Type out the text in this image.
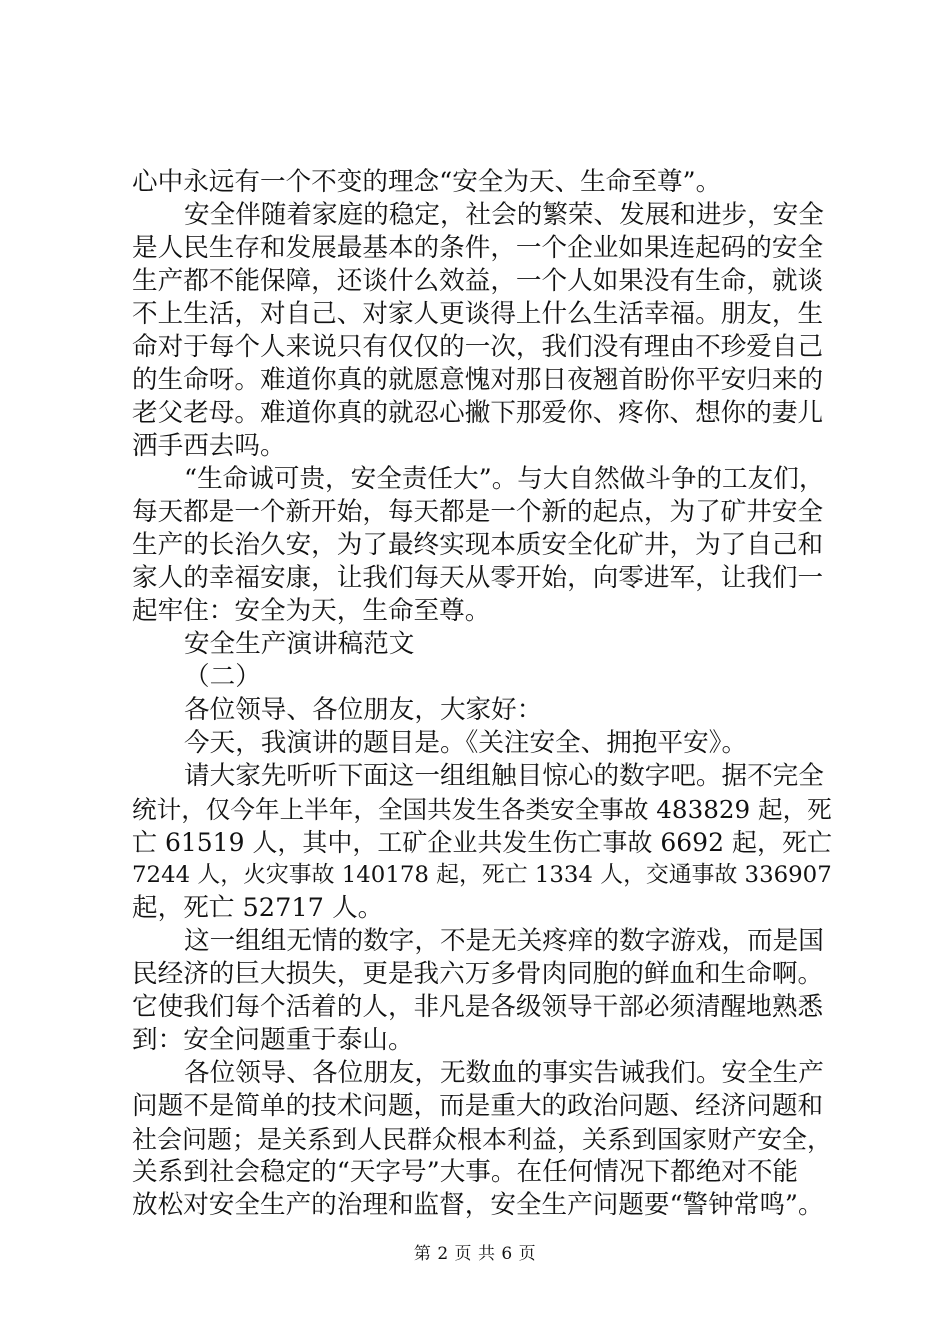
心中永远有一个不变的理念“安全为天、生命至尊”。
安全伴随着家庭的稳定，社会的繁荣、发展和进步，安全
是人民生存和发展最基本的条件，一个企业如果连起码的安全
生产都不能保障，还谈什么效益，一个人如果没有生命，就谈
不上生活，对自己、对家人更谈得上什么生活幸福。朋友，生
命对于每个人来说只有仅仅的一次，我们没有理由不珍爱自己
的生命呀。难道你真的就愿意愧对那日夜翘首盼你平安归来的
老父老母。难道你真的就忍心撇下那爱你、疼你、想你的妻儿
洒手西去吗。
“生命诚可贵，安全责任大”。与大自然做斗争的工友们，
每天都是一个新开始，每天都是一个新的起点，为了矿井安全
生产的长治久安，为了最终实现本质安全化矿井，为了自己和
家人的幸福安康，让我们每天从零开始，向零进军，让我们一
起牢住：安全为天，生命至尊。
安全生产演讲稿范文
（二）
各位领导、各位朋友，大家好：
今天，我演讲的题目是。《关注安全、拥抱平安》。
请大家先听听下面这一组组触目惊心的数字吧。据不完全
统计，仅今年上半年，全国共发生各类安全事故 483829 起，死
亡 61519 人，其中，工矿企业共发生伤亡事故 6692 起，死亡
7244 人，火灾事故 140178 起，死亡 1334 人，交通事故 336907
起，死亡 52717 人。
这一组组无情的数字，不是无关疼痒的数字游戏，而是国
民经济的巨大损失，更是我六万多骨肉同胞的鲜血和生命啊。
它使我们每个活着的人，非凡是各级领导干部必须清醒地熟悉
到：安全问题重于泰山。
各位领导、各位朋友，无数血的事实告诫我们。安全生产
问题不是简单的技术问题，而是重大的政治问题、经济问题和
社会问题；是关系到人民群众根本利益，关系到国家财产安全，
关系到社会稳定的“天字号”大事。在任何情况下都绝对不能
放松对安全生产的治理和监督，安全生产问题要“警钟常鸣”。
第 2 页 共 6 页
